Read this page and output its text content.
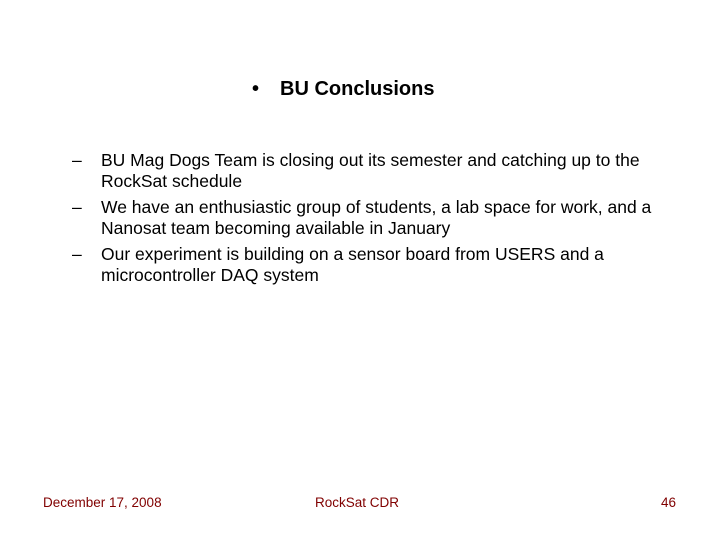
• BU Conclusions
– BU Mag Dogs Team is closing out its semester and catching up to the RockSat schedule
– We have an enthusiastic group of students, a lab space for work, and a Nanosat team becoming available in January
– Our experiment is building on a sensor board from USERS and a microcontroller DAQ system
December 17, 2008	RockSat CDR	46
